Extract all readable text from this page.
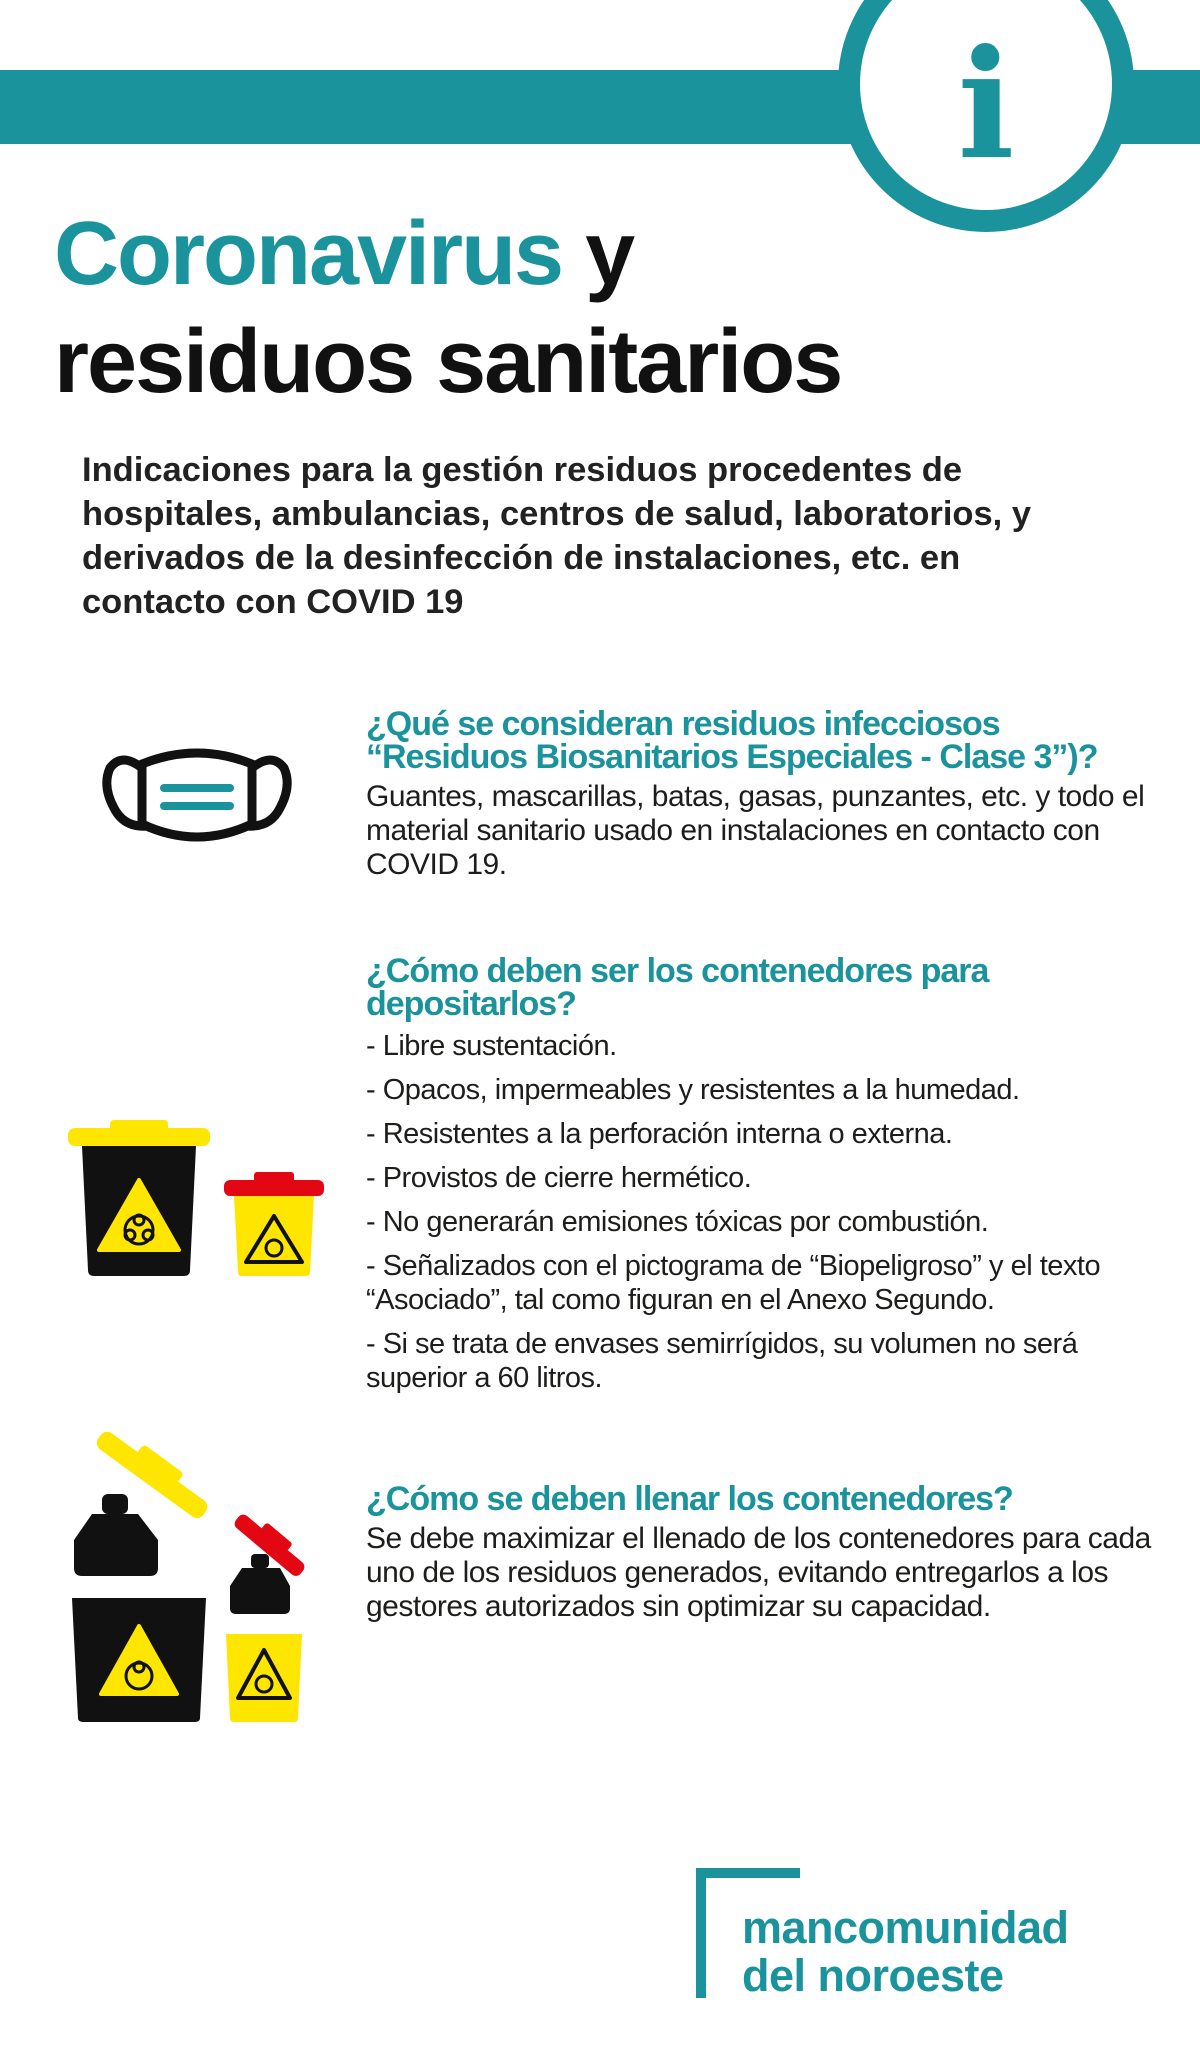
i
Coronavirus y
residuos sanitarios

Indicaciones para la gestión residuos procedentes de hospitales, ambulancias, centros de salud, laboratorios, y derivados de la desinfección de instalaciones, etc. en contacto con COVID 19

¿Qué se consideran residuos infecciosos “Residuos Biosanitarios Especiales - Clase 3”)?

Guantes, mascarillas, batas, gasas, punzantes, etc. y todo el material sanitario usado en instalaciones en contacto con COVID 19.

¿Cómo deben ser los contenedores para depositarlos?
- Libre sustentación.
- Opacos, impermeables y resistentes a la humedad.
- Resistentes a la perforación interna o externa.
- Provistos de cierre hermético.
- No generarán emisiones tóxicas por combustión.
- Señalizados con el pictograma de “Biopeligroso” y el texto “Asociado”, tal como figuran en el Anexo Segundo.
- Si se trata de envases semirrígidos, su volumen no será superior a 60 litros.
¿Cómo se deben llenar los contenedores?

Se debe maximizar el llenado de los contenedores para cada uno de los residuos generados, evitando entregarlos a los gestores autorizados sin optimizar su capacidad.

mancomunidad
del noroeste
